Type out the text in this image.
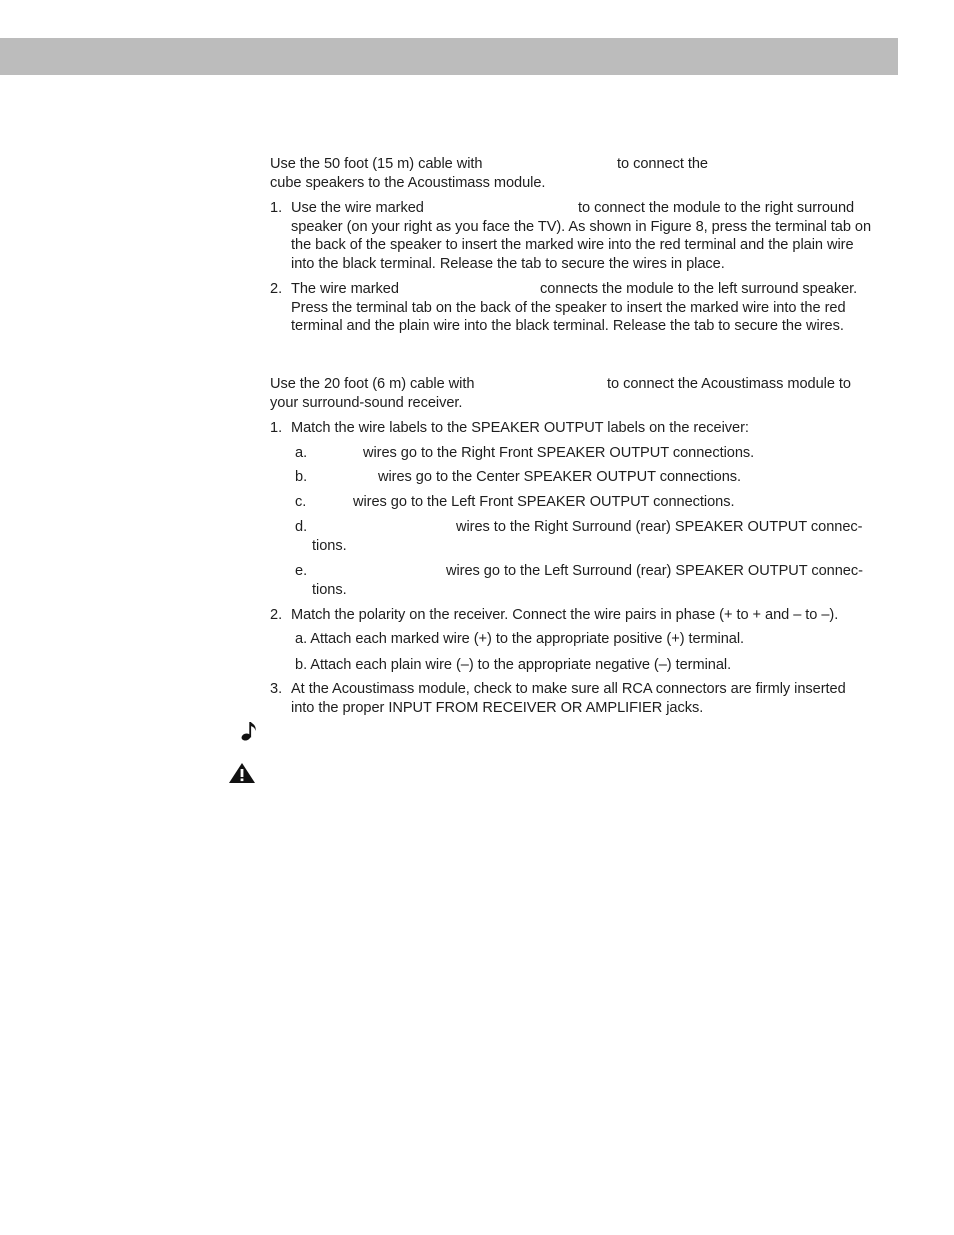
Use the 50 foot (15 m) cable with	to connect the
cube speakers to the Acoustimass module.
1. Use the wire marked	to connect the module to the right surround
speaker (on your right as you face the TV). As shown in Figure 8, press the terminal tab on
the back of the speaker to insert the marked wire into the red terminal and the plain wire
into the black terminal. Release the tab to secure the wires in place.
2. The wire marked	connects the module to the left surround speaker.
Press the terminal tab on the back of the speaker to insert the marked wire into the red
terminal and the plain wire into the black terminal. Release the tab to secure the wires.
Use the 20 foot (6 m) cable with	to connect the Acoustimass module to
your surround-sound receiver.
1. Match the wire labels to the SPEAKER OUTPUT labels on the receiver:
a.	wires go to the Right Front SPEAKER OUTPUT connections.
b.	wires go to the Center SPEAKER OUTPUT connections.
c.	wires go to the Left Front SPEAKER OUTPUT connections.
d.	wires to the Right Surround (rear) SPEAKER OUTPUT connec-
tions.
e.	wires go to the Left Surround (rear) SPEAKER OUTPUT connec-
tions.
2. Match the polarity on the receiver. Connect the wire pairs in phase (+ to + and – to –).
a. Attach each marked wire (+) to the appropriate positive (+) terminal.
b. Attach each plain wire (–) to the appropriate negative (–) terminal.
3. At the Acoustimass module, check to make sure all RCA connectors are firmly inserted
into the proper INPUT FROM RECEIVER OR AMPLIFIER jacks.
